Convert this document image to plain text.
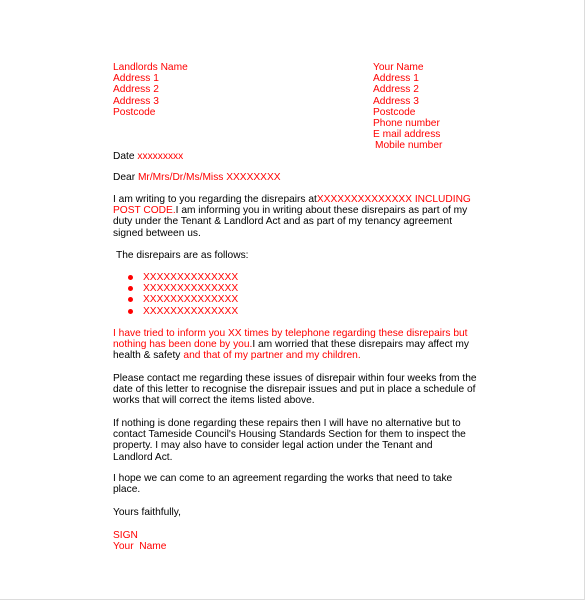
Landlords Name
Address 1
Address 2
Address 3
Postcode
Your Name
Address 1
Address 2
Address 3
Postcode
Phone number
E mail address
Mobile number
Date xxxxxxxxx
Dear Mr/Mrs/Dr/Ms/Miss XXXXXXXX
I am writing to you regarding the disrepairs at XXXXXXXXXXXXXX INCLUDING
POST CODE. I am informing you in writing about these disrepairs as part of my
duty under the Tenant & Landlord Act and as part of my tenancy agreement
signed between us.
The disrepairs are as follows:
XXXXXXXXXXXXXX
XXXXXXXXXXXXXX
XXXXXXXXXXXXXX
XXXXXXXXXXXXXX
I have tried to inform you XX times by telephone regarding these disrepairs but
nothing has been done by you. I am worried that these disrepairs may affect my
health & safety and that of my partner and my children.
Please contact me regarding these issues of disrepair within four weeks from the
date of this letter to recognise the disrepair issues and put in place a schedule of
works that will correct the items listed above.
If nothing is done regarding these repairs then I will have no alternative but to
contact Tameside Council's Housing Standards Section for them to inspect the
property. I may also have to consider legal action under the Tenant and
Landlord Act.
I hope we can come to an agreement regarding the works that need to take
place.
Yours faithfully,
SIGN
Your  Name
